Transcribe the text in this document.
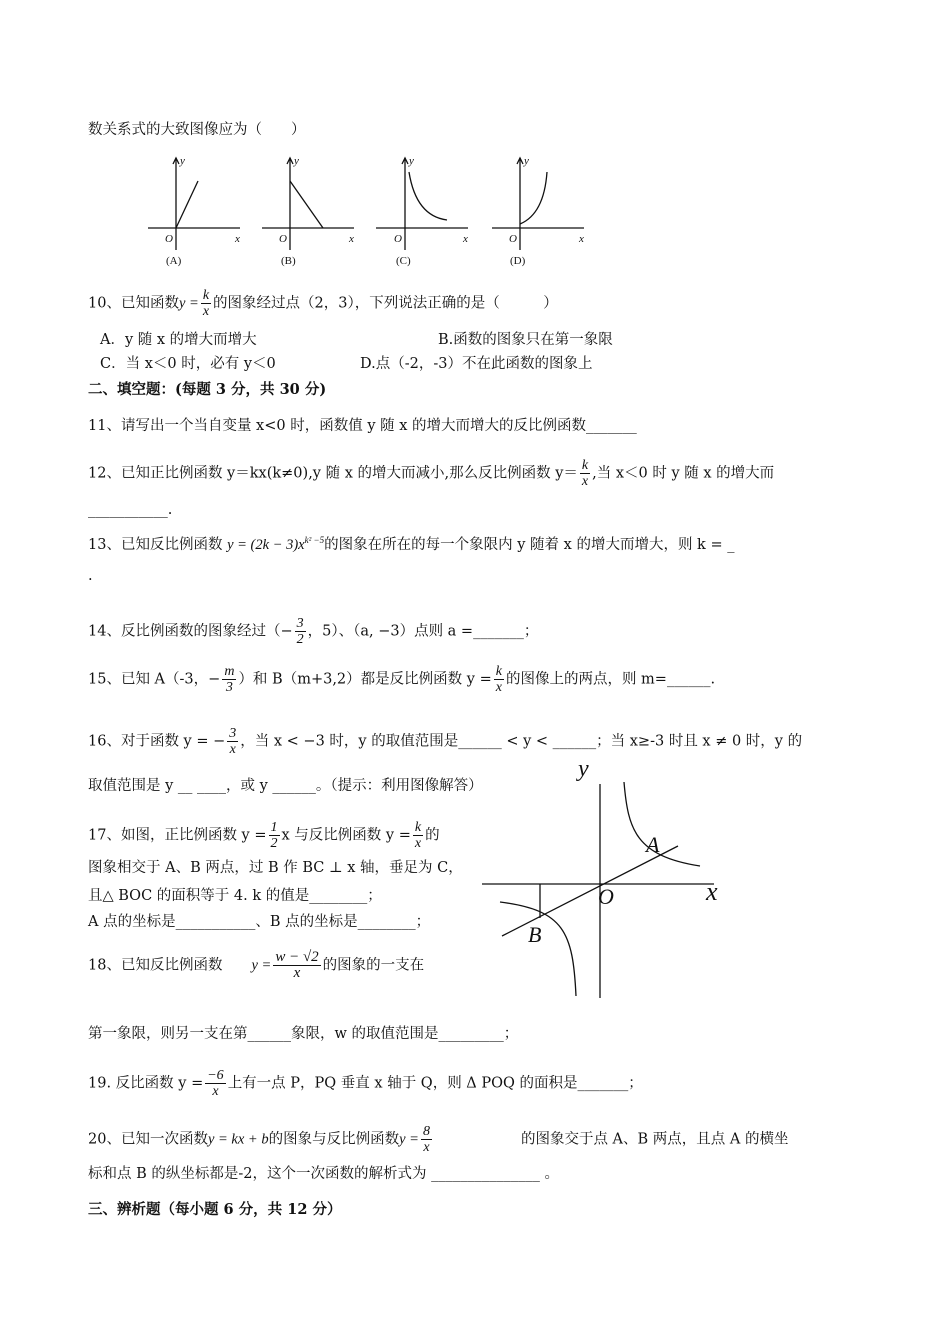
数关系式的大致图像应为（　　）
y	y	y	y
x	x	x	x
O	O	O	O
(A)	(B)	(C)	(D)
10、已知函数$y = \frac{k}{x}$ 的图象经过点（2，3），下列说法正确的是（　　　）
A．y 随 x 的增大而增大	B.函数的图象只在第一象限
C．当 x＜0 时，必有 y＜0	D.点（-2，-3）不在此函数的图象上
二、填空题：(每题 3 分，共 30 分)
11、请写出一个当自变量 x<0 时，函数值 y 随 x 的增大而增大的反比例函数_______
12、已知正比例函数 y＝kx(k≠0),y 随 x 的增大而减小,那么反比例函数 $y= \frac{k}{x}$ ,当 x＜0 时 y 随 x 的增大而
___________.
13、已知反比例函数 $y = (2k - 3)x^{k^2 -5}$的图象在所在的每一个象限内 y 随着 x 的增大而增大，则 k = _
.
14、反比例函数的图象经过（− $\frac{3}{2}$ ，5）、（a, −3）点则 a =_______；
15、已知 A（-3，− $\frac{m}{3}$ ）和 B（m+3,2）都是反比例函数 $y = \frac{k}{x}$ 的图像上的两点，则 m=______.
16、对于函数 y = − $\frac{3}{x}$ ，当 x < −3 时，y 的取值范围是______ < y < ______；当 x≥-3 时且 x ≠ 0 时，y 的
取值范围是 y __ ____，或 y ______。（提示：利用图像解答）
17、如图，正比例函数 $y = \frac{1}{2}$ x 与反比例函数 $y = \frac{k}{x}$ 的
图象相交于 A、B 两点，过 B 作 BC ⊥ x 轴，垂足为 C，
且△ BOC 的面积等于 4. k 的值是________；
A 点的坐标是___________、B 点的坐标是________；
y
x
O
A
B
18、已知反比例函数　　 $y = \frac{w - √2}{x}$ 的图象的一支在
第一象限，则另一支在第______象限，w 的取值范围是_________；
19. 反比函数 $y = \frac{-6}{x}$ 上有一点 P，PQ 垂直 x 轴于 Q，则 Δ POQ 的面积是_______；
20、已知一次函数y = kx + b的图象与反比例函数$y = \frac{8}{x}$
　　　　　　	的图象交于点 A、B 两点，且点 A 的横坐
标和点 B 的纵坐标都是-2，这个一次函数的解析式为 _______________ 。
三、辨析题（每小题 6 分，共 12 分）
